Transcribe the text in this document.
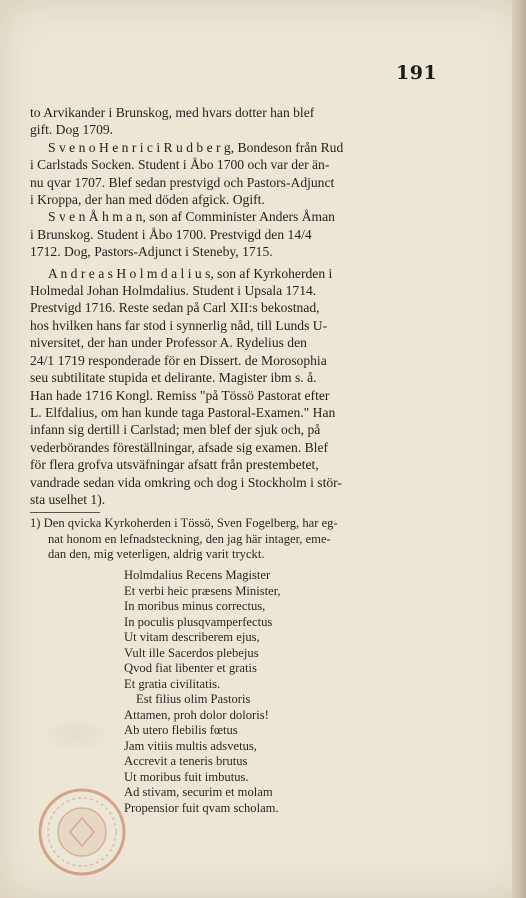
191
to Arvikander i Brunskog, med hvars dotter han blef
gift. Dog 1709.
S v e n o H e n r i c i R u d b e r g, Bondeson från Rud
i Carlstads Socken. Student i Åbo 1700 och var der än-
nu qvar 1707. Blef sedan prestvigd och Pastors-Adjunct
i Kroppa, der han med döden afgick. Ogift.
S v e n Å h m a n, son af Comminister Anders Åman
i Brunskog. Student i Åbo 1700. Prestvigd den 14/4
1712. Dog, Pastors-Adjunct i Steneby, 1715.
A n d r e a s H o l m d a l i u s, son af Kyrkoherden i
Holmedal Johan Holmdalius. Student i Upsala 1714.
Prestvigd 1716. Reste sedan på Carl XII:s bekostnad,
hos hvilken hans far stod i synnerlig nåd, till Lunds U-
niversitet, der han under Professor A. Rydelius den
24/1 1719 responderade för en Dissert. de Morosophia
seu subtilitate stupida et delirante. Magister ibm s. å.
Han hade 1716 Kongl. Remiss "på Tössö Pastorat efter
L. Elfdalius, om han kunde taga Pastoral-Examen." Han
infann sig dertill i Carlstad; men blef der sjuk och, på
vederbörandes föreställningar, afsade sig examen. Blef
för flera grofva utsväfningar afsatt från prestembetet,
vandrade sedan vida omkring och dog i Stockholm i stör-
sta uselhet 1).
1) Den qvicka Kyrkoherden i Tössö, Sven Fogelberg, har eg-
nat honom en lefnadsteckning, den jag här intager, eme-
dan den, mig veterligen, aldrig varit tryckt.
Holmdalius Recens Magister
Et verbi heic præsens Minister,
In moribus minus correctus,
In poculis plusqvamperfectus
Ut vitam describerem ejus,
Vult ille Sacerdos plebejus
Qvod fiat libenter et gratis
Et gratia civilitatis.
Est filius olim Pastoris
Attamen, proh dolor doloris!
Ab utero flebilis fœtus
Jam vitiis multis adsvetus,
Accrevit a teneris brutus
Ut moribus fuit imbutus.
Ad stivam, securim et molam
Propensior fuit qvam scholam.
